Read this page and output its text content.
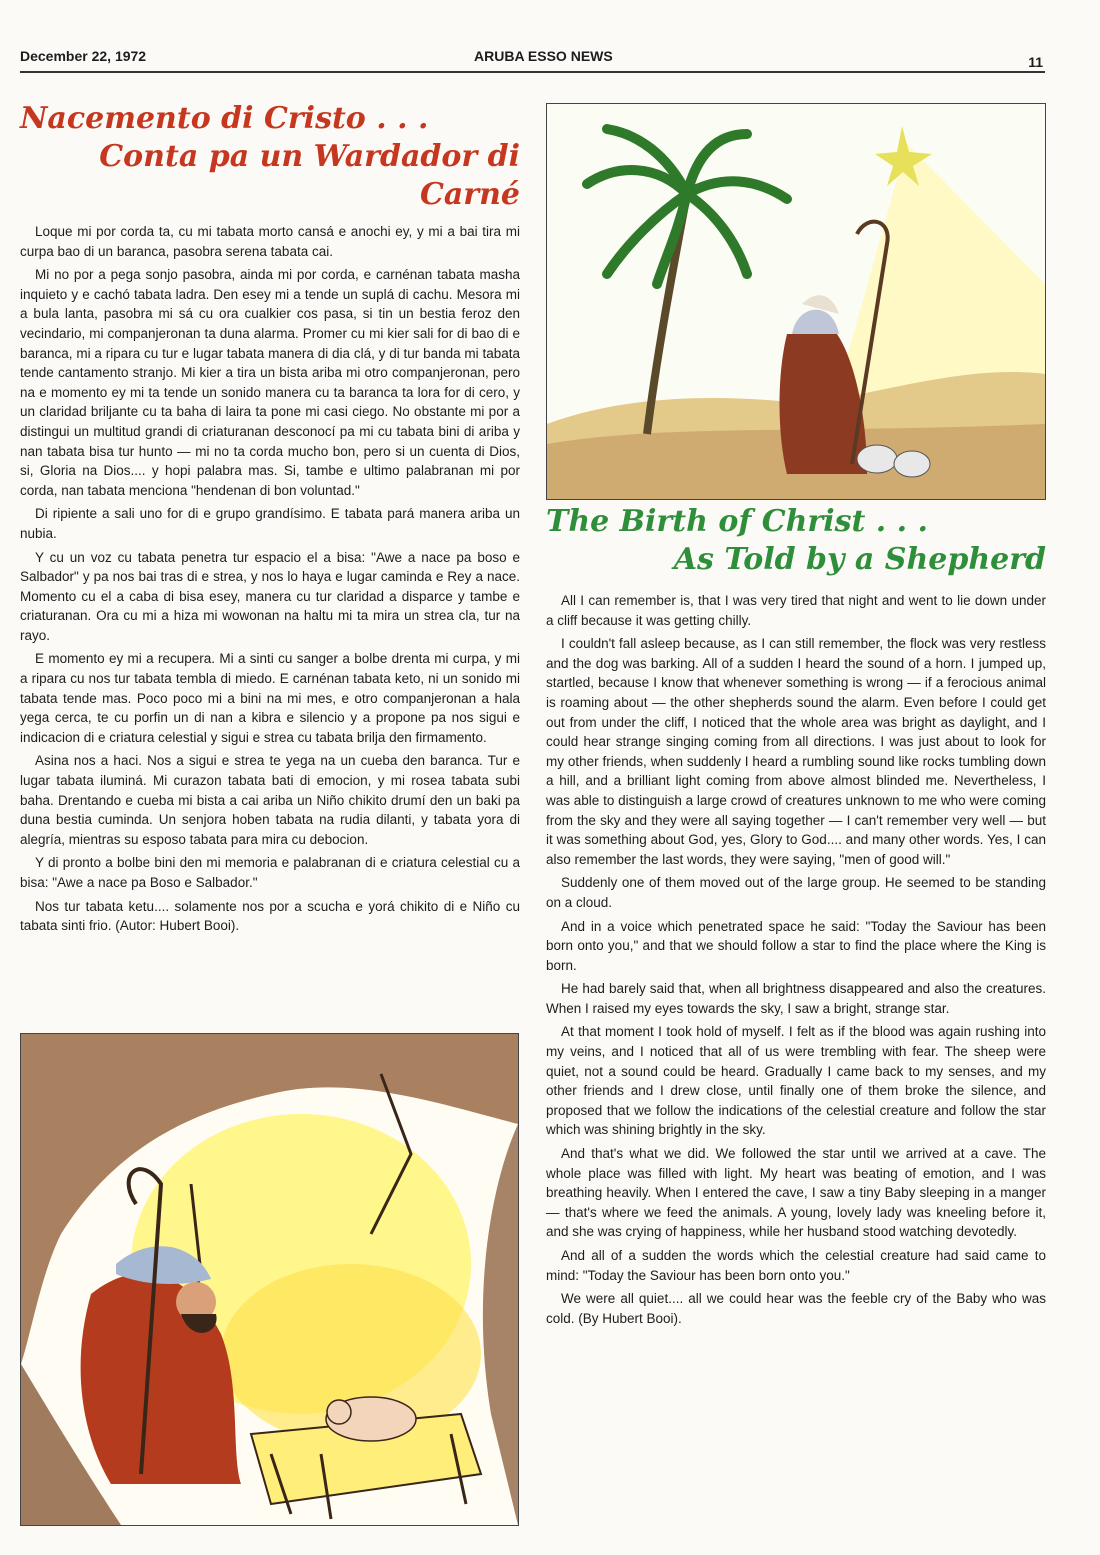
December 22, 1972	ARUBA ESSO NEWS	11
Nacemento di Cristo . . .
Conta pa un Wardador di Carné

Loque mi por corda ta, cu mi tabata morto cansá e anochi ey, y mi a bai tira mi curpa bao di un baranca, pasobra serena tabata cai.

Mi no por a pega sonjo pasobra, ainda mi por corda, e carnénan tabata masha inquieto y e cachó tabata ladra. Den esey mi a tende un suplá di cachu. Mesora mi a bula lanta, pasobra mi sá cu ora cualkier cos pasa, si tin un bestia feroz den vecindario, mi companjeronan ta duna alarma. Promer cu mi kier sali for di bao di e baranca, mi a ripara cu tur e lugar tabata manera di dia clá, y di tur banda mi tabata tende cantamento stranjo. Mi kier a tira un bista ariba mi otro companjeronan, pero na e momento ey mi ta tende un sonido manera cu ta baranca ta lora for di cero, y un claridad briljante cu ta baha di laira ta pone mi casi ciego. No obstante mi por a distingui un multitud grandi di criaturanan desconocí pa mi cu tabata bini di ariba y nan tabata bisa tur hunto — mi no ta corda mucho bon, pero si un cuenta di Dios, si, Gloria na Dios.... y hopi palabra mas. Si, tambe e ultimo palabranan mi por corda, nan tabata menciona "hendenan di bon voluntad."

Di ripiente a sali uno for di e grupo grandísimo. E tabata pará manera ariba un nubia.

Y cu un voz cu tabata penetra tur espacio el a bisa: "Awe a nace pa boso e Salbador" y pa nos bai tras di e strea, y nos lo haya e lugar caminda e Rey a nace. Momento cu el a caba di bisa esey, manera cu tur claridad a disparce y tambe e criaturanan. Ora cu mi a hiza mi wowonan na haltu mi ta mira un strea cla, tur na rayo.

E momento ey mi a recupera. Mi a sinti cu sanger a bolbe drenta mi curpa, y mi a ripara cu nos tur tabata tembla di miedo. E carnénan tabata keto, ni un sonido mi tabata tende mas. Poco poco mi a bini na mi mes, e otro companjeronan a hala yega cerca, te cu porfin un di nan a kibra e silencio y a propone pa nos sigui e indicacion di e criatura celestial y sigui e strea cu tabata brilja den firmamento.

Asina nos a haci. Nos a sigui e strea te yega na un cueba den baranca. Tur e lugar tabata iluminá. Mi curazon tabata bati di emocion, y mi rosea tabata subi baha. Drentando e cueba mi bista a cai ariba un Niño chikito drumí den un baki pa duna bestia cuminda. Un senjora hoben tabata na rudia dilanti, y tabata yora di alegría, mientras su esposo tabata para mira cu debocion.

Y di pronto a bolbe bini den mi memoria e palabranan di e criatura celestial cu a bisa: "Awe a nace pa Boso e Salbador."

Nos tur tabata ketu.... solamente nos por a scucha e yorá chikito di e Niño cu tabata sinti frio. (Autor: Hubert Booi).

The Birth of Christ . . .
As Told by a Shepherd

All I can remember is, that I was very tired that night and went to lie down under a cliff because it was getting chilly.

I couldn't fall asleep because, as I can still remember, the flock was very restless and the dog was barking. All of a sudden I heard the sound of a horn. I jumped up, startled, because I know that whenever something is wrong — if a ferocious animal is roaming about — the other shepherds sound the alarm. Even before I could get out from under the cliff, I noticed that the whole area was bright as daylight, and I could hear strange singing coming from all directions. I was just about to look for my other friends, when suddenly I heard a rumbling sound like rocks tumbling down a hill, and a brilliant light coming from above almost blinded me. Nevertheless, I was able to distinguish a large crowd of creatures unknown to me who were coming from the sky and they were all saying together — I can't remember very well — but it was something about God, yes, Glory to God.... and many other words. Yes, I can also remember the last words, they were saying, "men of good will."

Suddenly one of them moved out of the large group. He seemed to be standing on a cloud.

And in a voice which penetrated space he said: "Today the Saviour has been born onto you," and that we should follow a star to find the place where the King is born.

He had barely said that, when all brightness disappeared and also the creatures. When I raised my eyes towards the sky, I saw a bright, strange star.

At that moment I took hold of myself. I felt as if the blood was again rushing into my veins, and I noticed that all of us were trembling with fear. The sheep were quiet, not a sound could be heard. Gradually I came back to my senses, and my other friends and I drew close, until finally one of them broke the silence, and proposed that we follow the indications of the celestial creature and follow the star which was shining brightly in the sky.

And that's what we did. We followed the star until we arrived at a cave. The whole place was filled with light. My heart was beating of emotion, and I was breathing heavily. When I entered the cave, I saw a tiny Baby sleeping in a manger — that's where we feed the animals. A young, lovely lady was kneeling before it, and she was crying of happiness, while her husband stood watching devotedly.

And all of a sudden the words which the celestial creature had said came to mind: "Today the Saviour has been born onto you."

We were all quiet.... all we could hear was the feeble cry of the Baby who was cold. (By Hubert Booi).
